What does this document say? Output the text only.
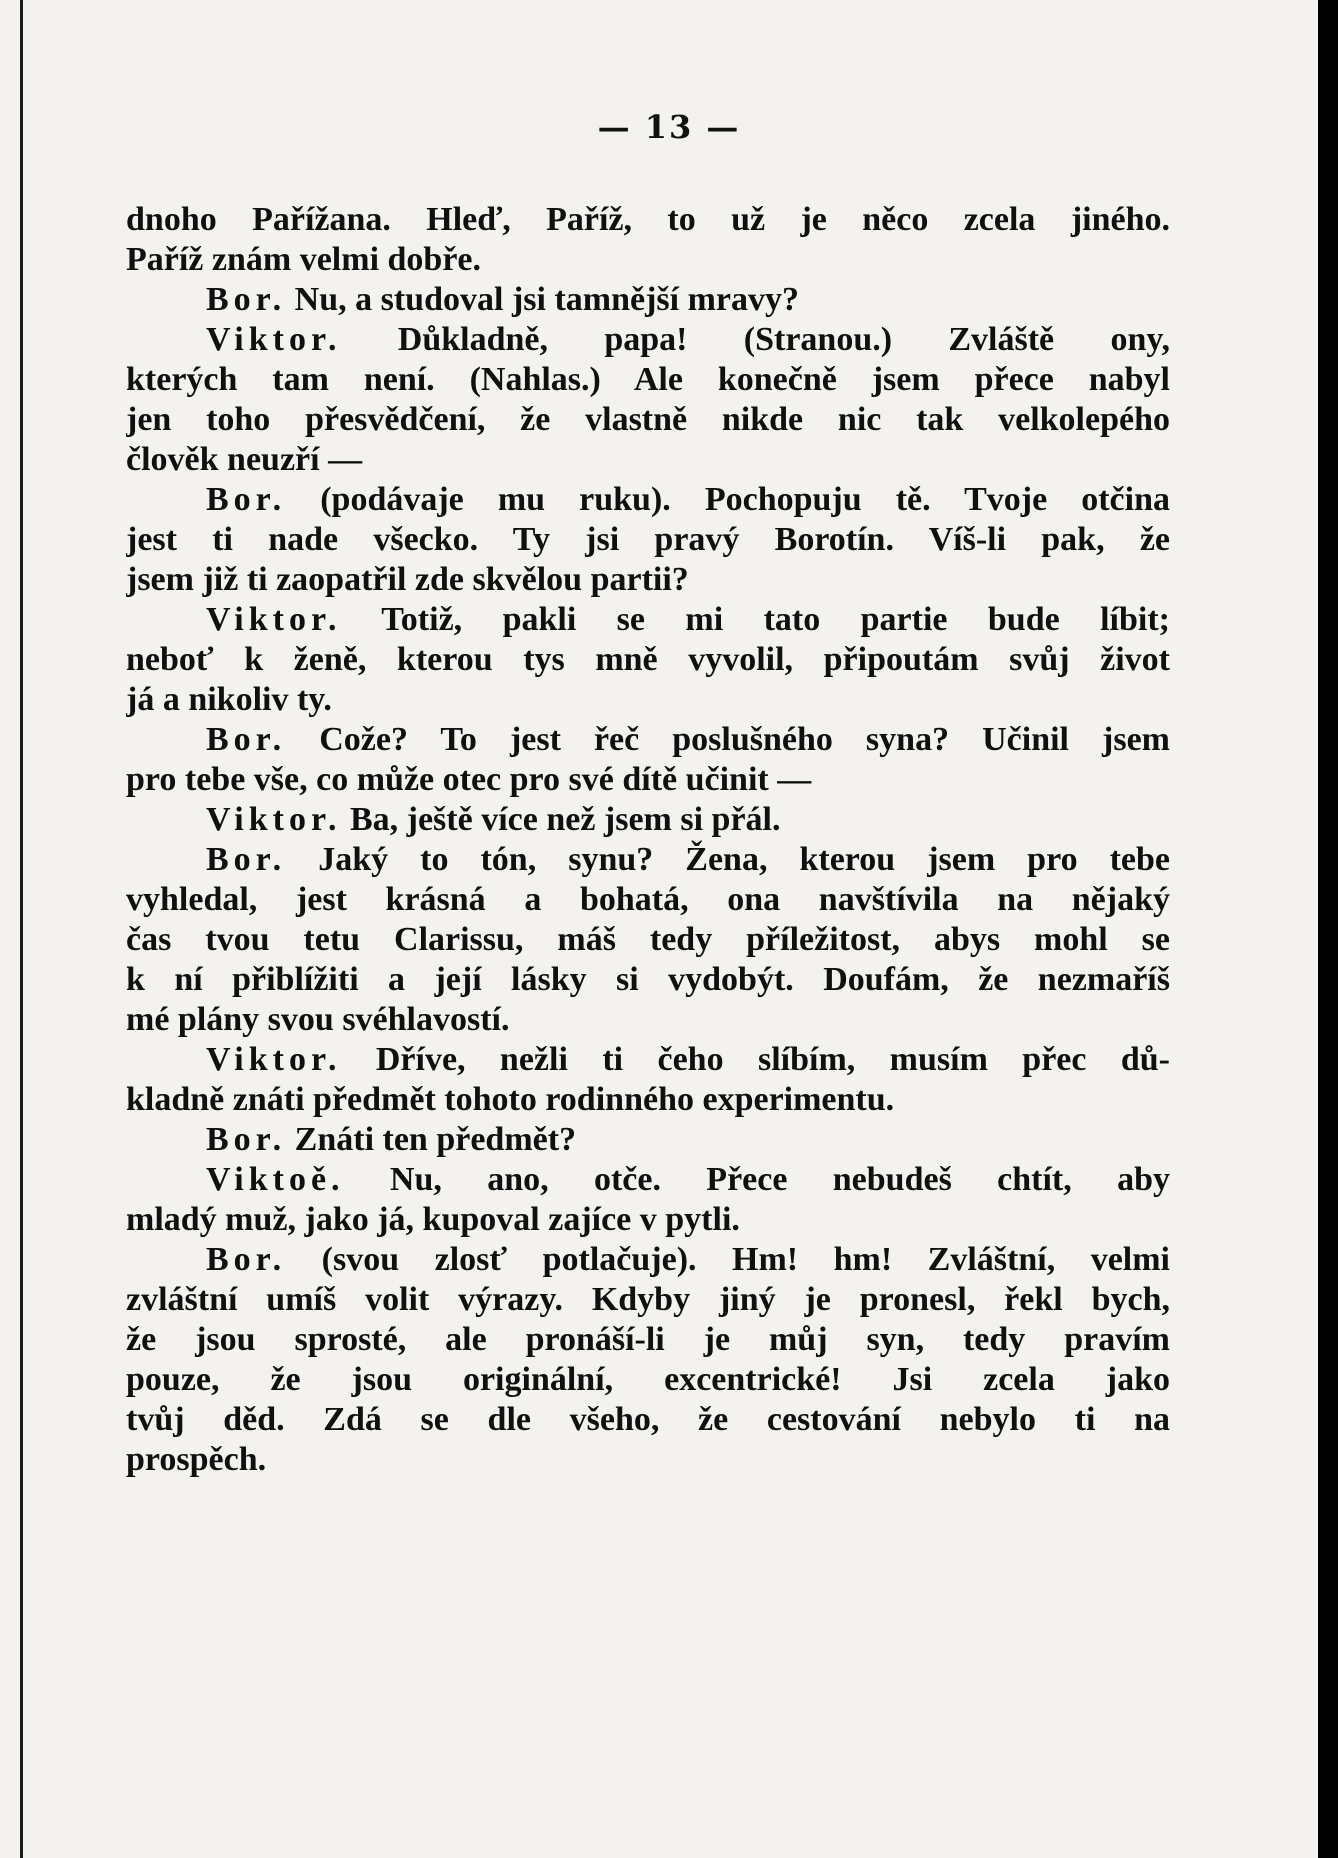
— 13 —
dnoho Pařížana. Hleď, Paříž, to už je něco zcela jiného.
Paříž znám velmi dobře.
Bor. Nu, a studoval jsi tamnější mravy?
Viktor. Důkladně, papa! (Stranou.) Zvláště ony,
kterých tam není. (Nahlas.) Ale konečně jsem přece nabyl
jen toho přesvědčení, že vlastně nikde nic tak velkolepého
člověk neuzří —
Bor. (podávaje mu ruku). Pochopuju tě. Tvoje otčina
jest ti nade všecko. Ty jsi pravý Borotín. Víš-li pak, že
jsem již ti zaopatřil zde skvělou partii?
Viktor. Totiž, pakli se mi tato partie bude líbit;
neboť k ženě, kterou tys mně vyvolil, připoutám svůj život
já a nikoliv ty.
Bor. Cože? To jest řeč poslušného syna? Učinil jsem
pro tebe vše, co může otec pro své dítě učinit —
Viktor. Ba, ještě více než jsem si přál.
Bor. Jaký to tón, synu? Žena, kterou jsem pro tebe
vyhledal, jest krásná a bohatá, ona navštívila na nějaký
čas tvou tetu Clarissu, máš tedy příležitost, abys mohl se
k ní přiblížiti a její lásky si vydobýt. Doufám, že nezmaříš
mé plány svou svéhlavostí.
Viktor. Dříve, nežli ti čeho slíbím, musím přec dů-
kladně znáti předmět tohoto rodinného experimentu.
Bor. Znáti ten předmět?
Viktoě. Nu, ano, otče. Přece nebudeš chtít, aby
mladý muž, jako já, kupoval zajíce v pytli.
Bor. (svou zlosť potlačuje). Hm! hm! Zvláštní, velmi
zvláštní umíš volit výrazy. Kdyby jiný je pronesl, řekl bych,
že jsou sprosté, ale pronáší-li je můj syn, tedy pravím
pouze, že jsou originální, excentrické! Jsi zcela jako
tvůj děd. Zdá se dle všeho, že cestování nebylo ti na
prospěch.
